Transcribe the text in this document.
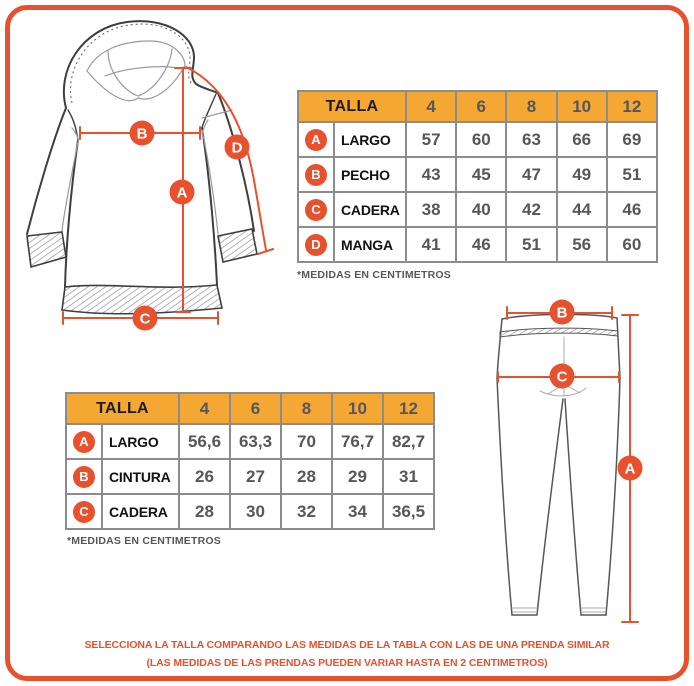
B
A
D
C	B
C
A
TALLA		4	6	8	10	12
A	LARGO	57	60	63	66	69
B	PECHO	43	45	47	49	51
C	CADERA	38	40	42	44	46
D	MANGA	41	46	51	56	60
*MEDIDAS EN CENTIMETROS
TALLA		4	6	8	10	12
A	LARGO	56,6	63,3	70	76,7	82,7
B	CINTURA	26	27	28	29	31
C	CADERA	28	30	32	34	36,5
*MEDIDAS EN CENTIMETROS
SELECCIONA LA TALLA COMPARANDO LAS MEDIDAS DE LA TABLA CON LAS DE UNA PRENDA SIMILAR
(LAS MEDIDAS DE LAS PRENDAS PUEDEN VARIAR HASTA EN 2 CENTIMETROS)
